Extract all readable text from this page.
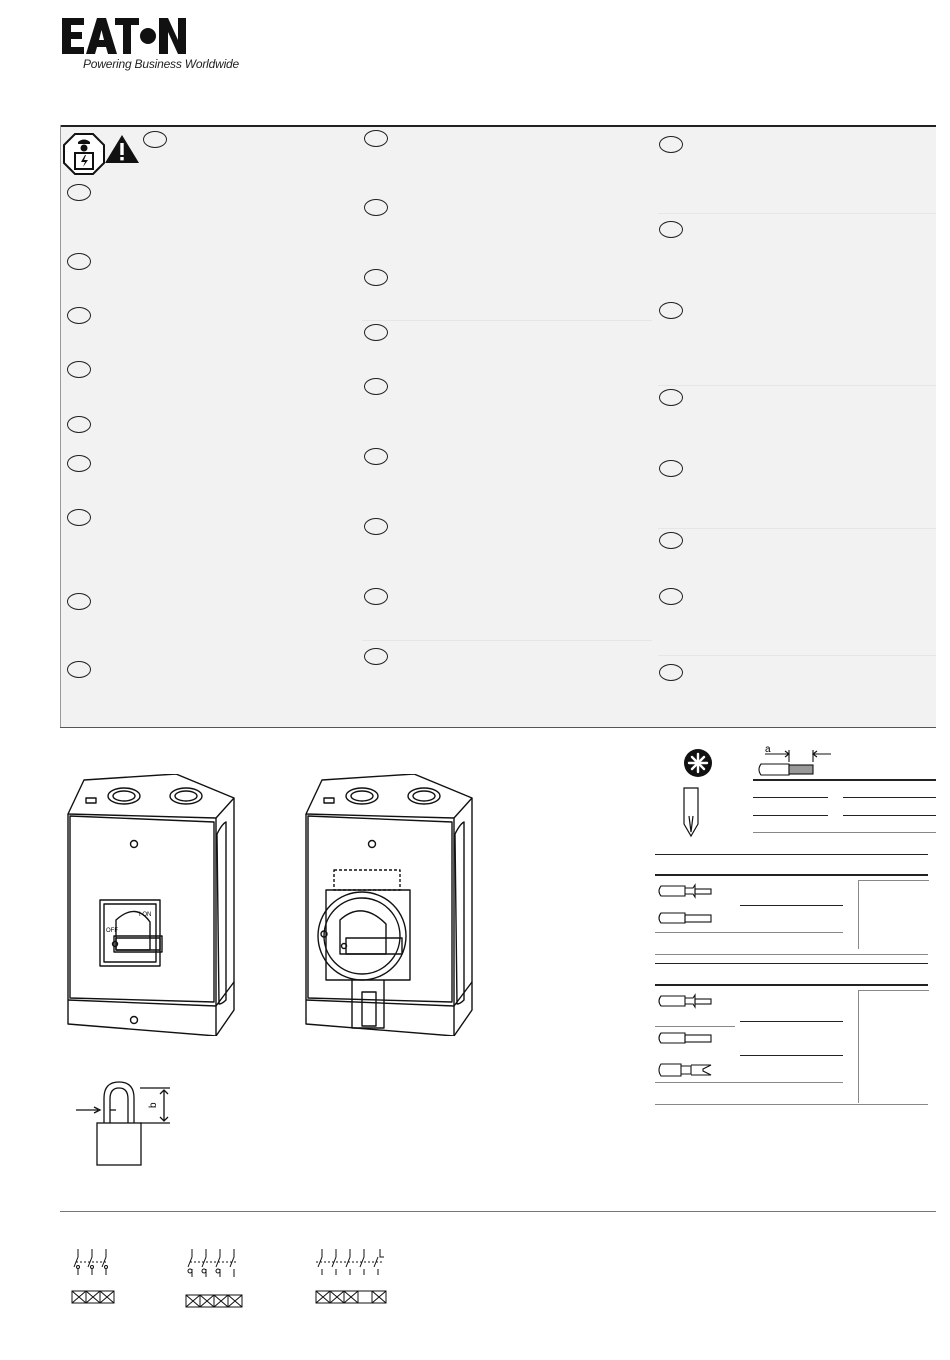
Powering Business Worldwide
I ON
OFF
b
a
